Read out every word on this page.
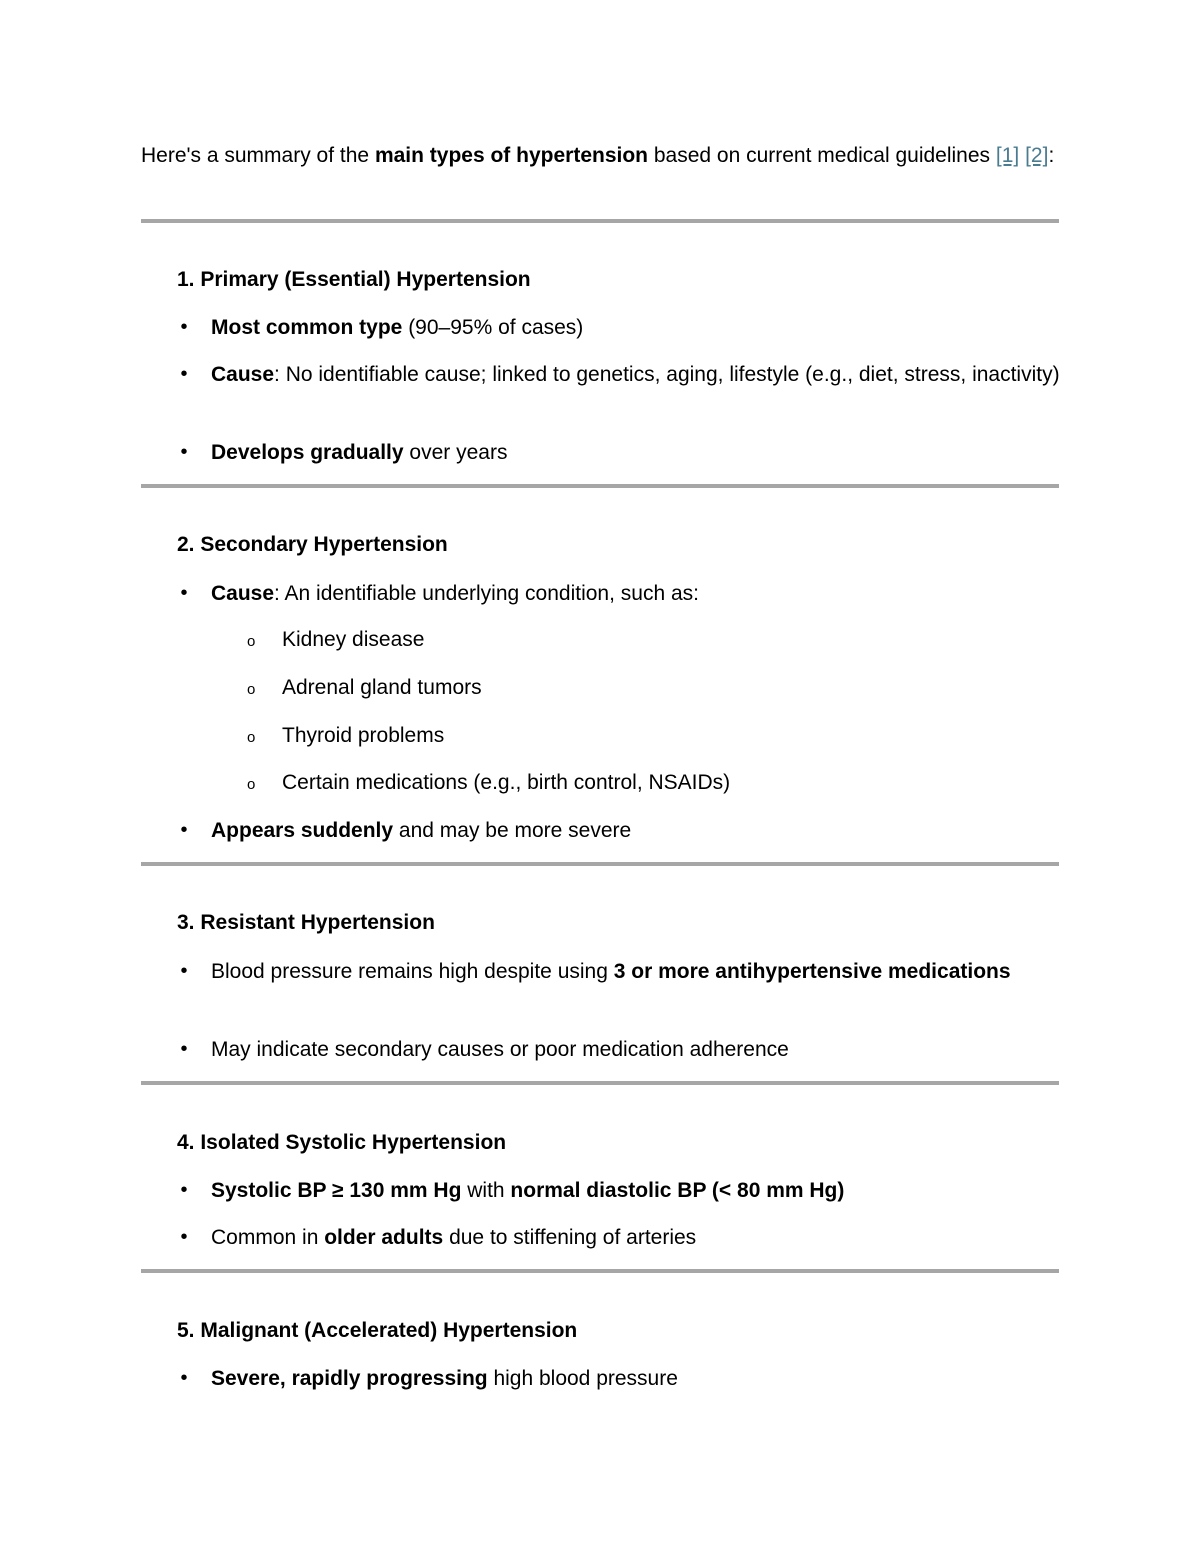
Here's a summary of the main types of hypertension based on current medical guidelines [1] [2]:
1. Primary (Essential) Hypertension
•	Most common type (90–95% of cases)
•	Cause: No identifiable cause; linked to genetics, aging, lifestyle (e.g., diet, stress, inactivity)
•	Develops gradually over years
2. Secondary Hypertension
•	Cause: An identifiable underlying condition, such as:
o Kidney disease
o Adrenal gland tumors
o Thyroid problems
o Certain medications (e.g., birth control, NSAIDs)
•	Appears suddenly and may be more severe
3. Resistant Hypertension
•	Blood pressure remains high despite using 3 or more antihypertensive medications
•	May indicate secondary causes or poor medication adherence
4. Isolated Systolic Hypertension
•	Systolic BP ≥ 130 mm Hg with normal diastolic BP (< 80 mm Hg)
•	Common in older adults due to stiffening of arteries
5. Malignant (Accelerated) Hypertension
•	Severe, rapidly progressing high blood pressure
